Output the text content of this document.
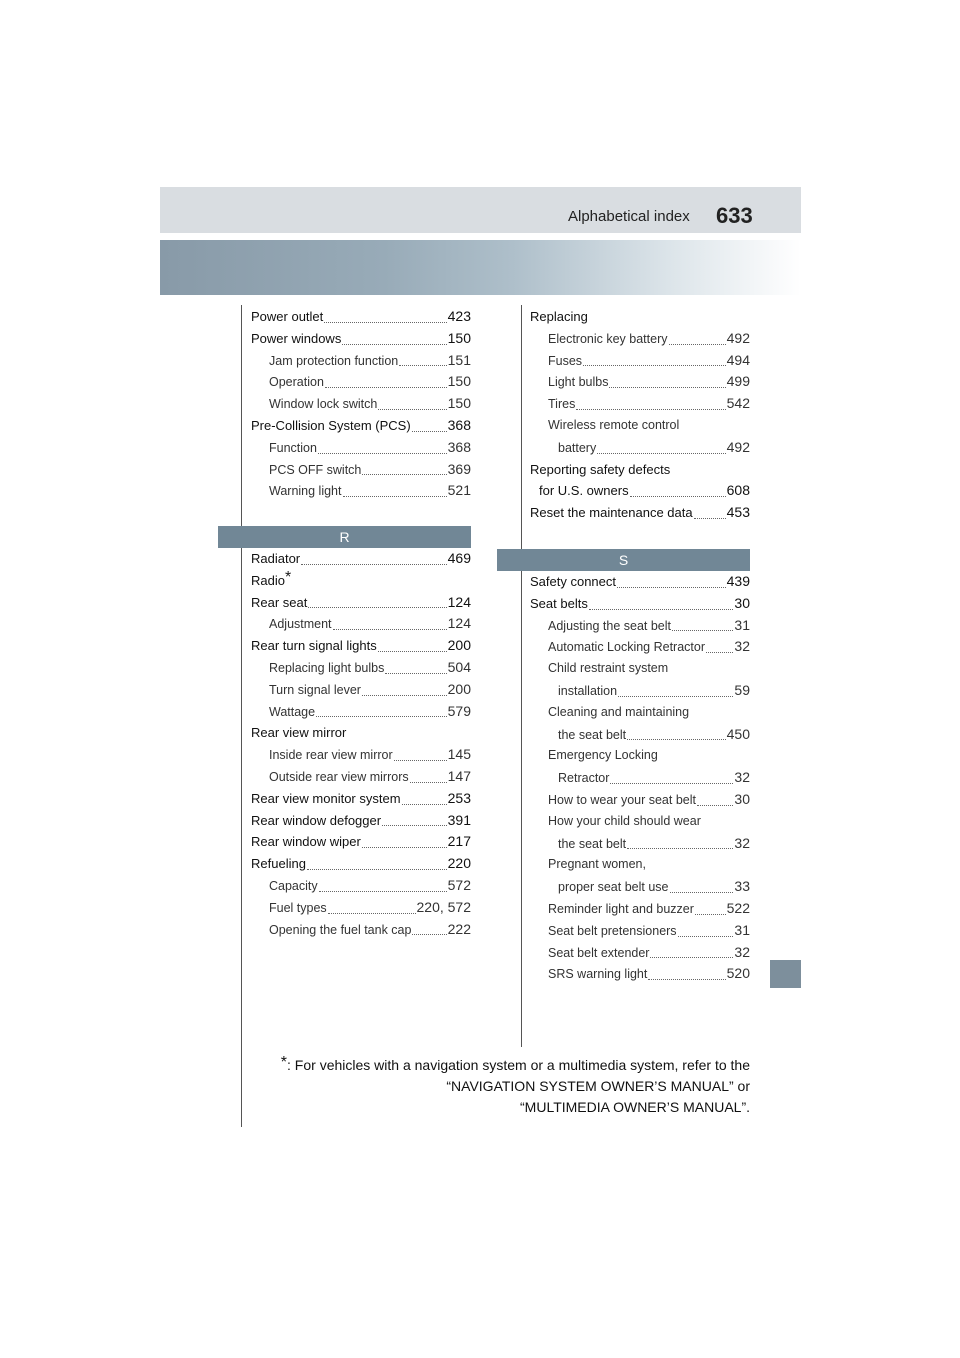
Alphabetical index 633
Power outlet	423
Power windows	150
Jam protection function	151
Operation	150
Window lock switch	150
Pre-Collision System (PCS)	368
Function	368
PCS OFF switch	369
Warning light	521
R
Radiator	469
Radio *
Rear seat	124
Adjustment	124
Rear turn signal lights	200
Replacing light bulbs	504
Turn signal lever	200
Wattage	579
Rear view mirror
Inside rear view mirror	145
Outside rear view mirrors	147
Rear view monitor system	253
Rear window defogger	391
Rear window wiper	217
Refueling	220
Capacity	572
Fuel types	220, 572
Opening the fuel tank cap	222
Replacing
Electronic key battery	492
Fuses	494
Light bulbs	499
Tires	542
Wireless remote control
battery	492
Reporting safety defects
for U.S. owners	608
Reset the maintenance data 453
S
Safety connect	439
Seat belts	30
Adjusting the seat belt	31
Automatic Locking Retractor 32
Child restraint system
installation	59
Cleaning and maintaining
the seat belt	450
Emergency Locking
Retractor	32
How to wear your seat belt	30
How your child should wear
the seat belt	32
Pregnant women,
proper seat belt use	33
Reminder light and buzzer 522
Seat belt pretensioners	31
Seat belt extender	32
SRS warning light	520
*: For vehicles with a navigation system or a multimedia system, refer to the
“NAVIGATION SYSTEM OWNER’S MANUAL” or
“MULTIMEDIA OWNER’S MANUAL”.
